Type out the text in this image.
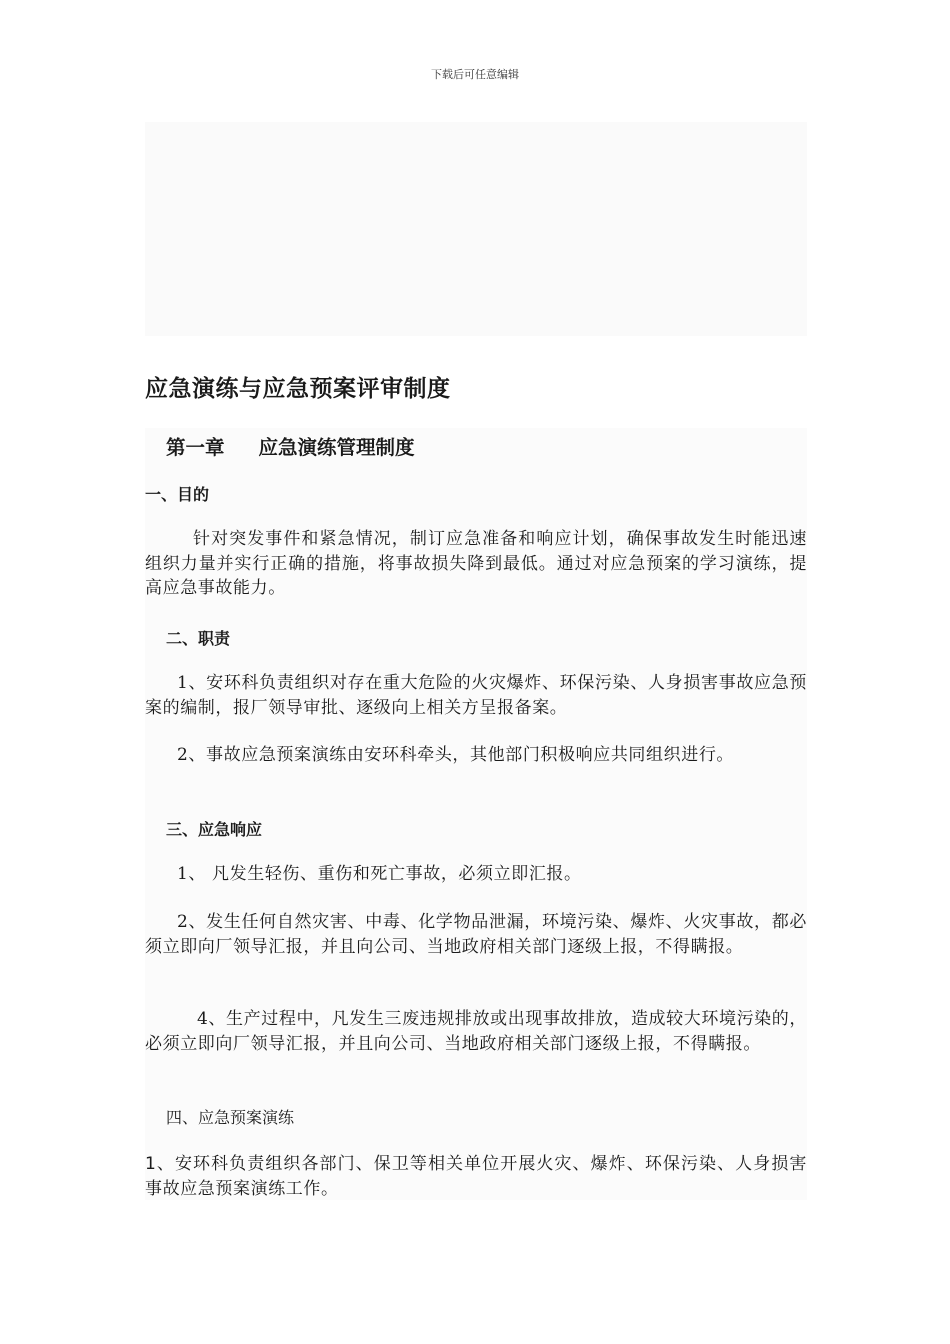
下载后可任意编辑
应急演练与应急预案评审制度
第一章 应急演练管理制度
一、目的
针对突发事件和紧急情况，制订应急准备和响应计划，确保事故发生时能迅速组织力量并实行正确的措施，将事故损失降到最低。通过对应急预案的学习演练，提高应急事故能力。
二、职责
1、安环科负责组织对存在重大危险的火灾爆炸、环保污染、人身损害事故应急预案的编制，报厂领导审批、逐级向上相关方呈报备案。
2、事故应急预案演练由安环科牵头，其他部门积极响应共同组织进行。
三、应急响应
1、 凡发生轻伤、重伤和死亡事故，必须立即汇报。
2、发生任何自然灾害、中毒、化学物品泄漏，环境污染、爆炸、火灾事故，都必须立即向厂领导汇报，并且向公司、当地政府相关部门逐级上报，不得瞒报。
4、生产过程中，凡发生三废违规排放或出现事故排放，造成较大环境污染的，必须立即向厂领导汇报，并且向公司、当地政府相关部门逐级上报，不得瞒报。
四、应急预案演练
1、安环科负责组织各部门、保卫等相关单位开展火灾、爆炸、环保污染、人身损害事故应急预案演练工作。
